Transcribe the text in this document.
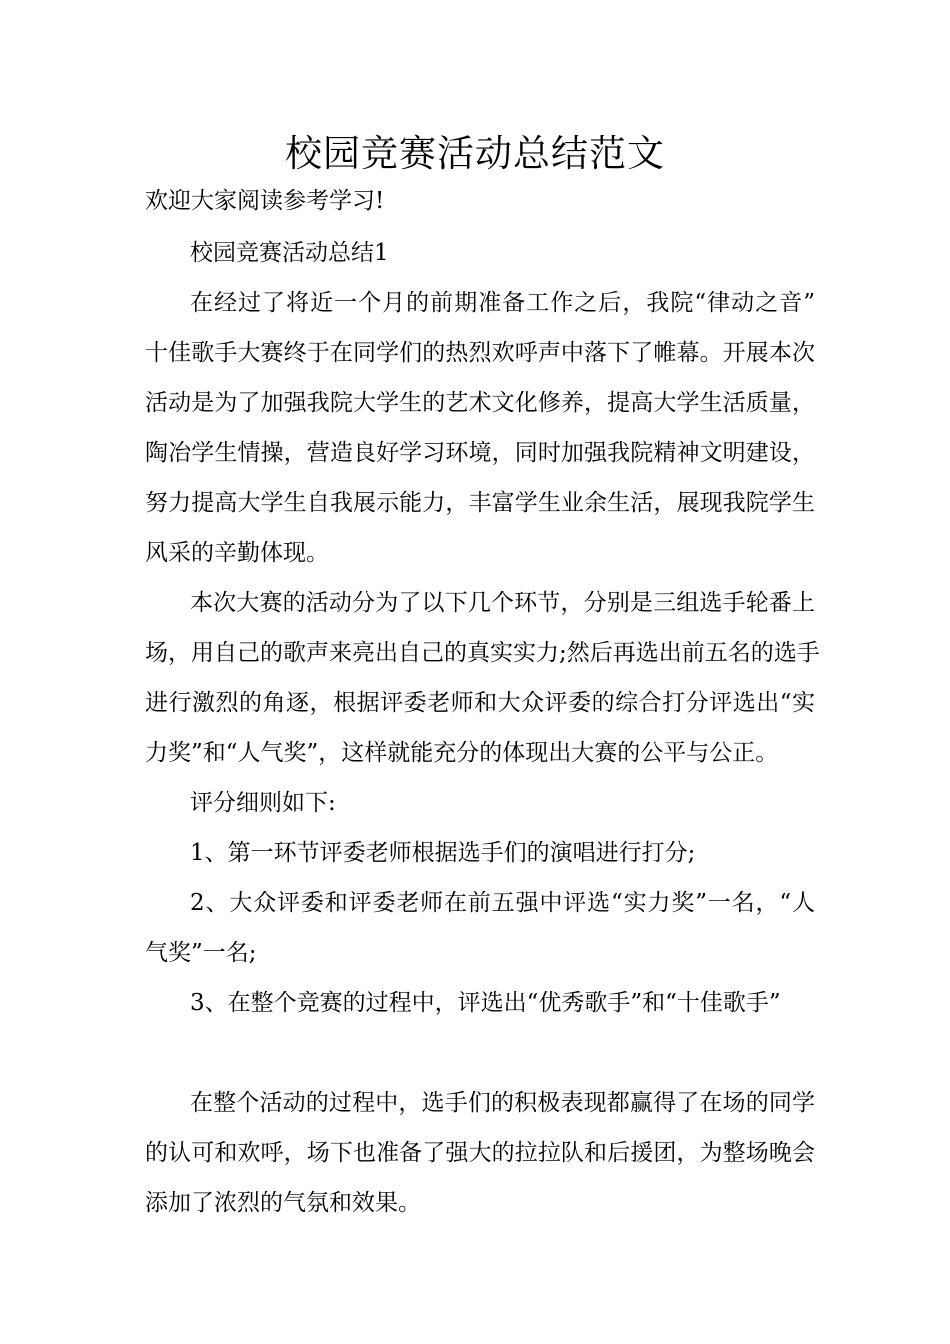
校园竞赛活动总结范文

欢迎大家阅读参考学习!

校园竞赛活动总结1

在经过了将近一个月的前期准备工作之后，我院“律动之音”

十佳歌手大赛终于在同学们的热烈欢呼声中落下了帷幕。开展本次

活动是为了加强我院大学生的艺术文化修养，提高大学生活质量，

陶冶学生情操，营造良好学习环境，同时加强我院精神文明建设，

努力提高大学生自我展示能力，丰富学生业余生活，展现我院学生

风采的辛勤体现。

本次大赛的活动分为了以下几个环节，分别是三组选手轮番上

场，用自己的歌声来亮出自己的真实实力;然后再选出前五名的选手

进行激烈的角逐，根据评委老师和大众评委的综合打分评选出“实

力奖”和“人气奖”，这样就能充分的体现出大赛的公平与公正。

评分细则如下:

1、第一环节评委老师根据选手们的演唱进行打分;

2、大众评委和评委老师在前五强中评选“实力奖”一名，“人

气奖”一名;

3、在整个竞赛的过程中，评选出“优秀歌手”和“十佳歌手”

在整个活动的过程中，选手们的积极表现都赢得了在场的同学

的认可和欢呼，场下也准备了强大的拉拉队和后援团，为整场晚会

添加了浓烈的气氛和效果。
